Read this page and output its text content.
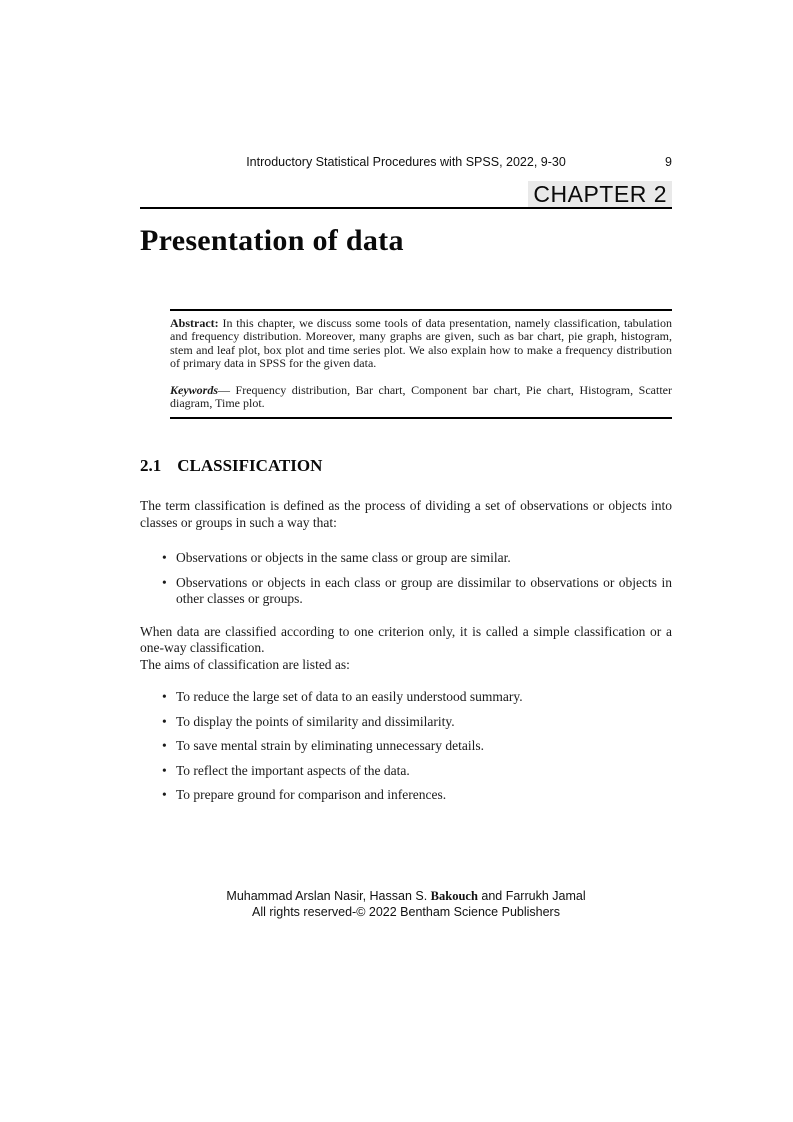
Introductory Statistical Procedures with SPSS, 2022, 9-30	9
CHAPTER 2
Presentation of data

Abstract: In this chapter, we discuss some tools of data presentation, namely classification, tabulation and frequency distribution. Moreover, many graphs are given, such as bar chart, pie graph, histogram, stem and leaf plot, box plot and time series plot. We also explain how to make a frequency distribution of primary data in SPSS for the given data.

Keywords— Frequency distribution, Bar chart, Component bar chart, Pie chart, Histogram, Scatter diagram, Time plot.

2.1 CLASSIFICATION

The term classification is defined as the process of dividing a set of observations or objects into classes or groups in such a way that:

• Observations or objects in the same class or group are similar.
• Observations or objects in each class or group are dissimilar to observations or objects in other classes or groups.

When data are classified according to one criterion only, it is called a simple classification or a one-way classification.
The aims of classification are listed as:

• To reduce the large set of data to an easily understood summary.
• To display the points of similarity and dissimilarity.
• To save mental strain by eliminating unnecessary details.
• To reflect the important aspects of the data.
• To prepare ground for comparison and inferences.
Muhammad Arslan Nasir, Hassan S. Bakouch and Farrukh Jamal
All rights reserved-© 2022 Bentham Science Publishers
